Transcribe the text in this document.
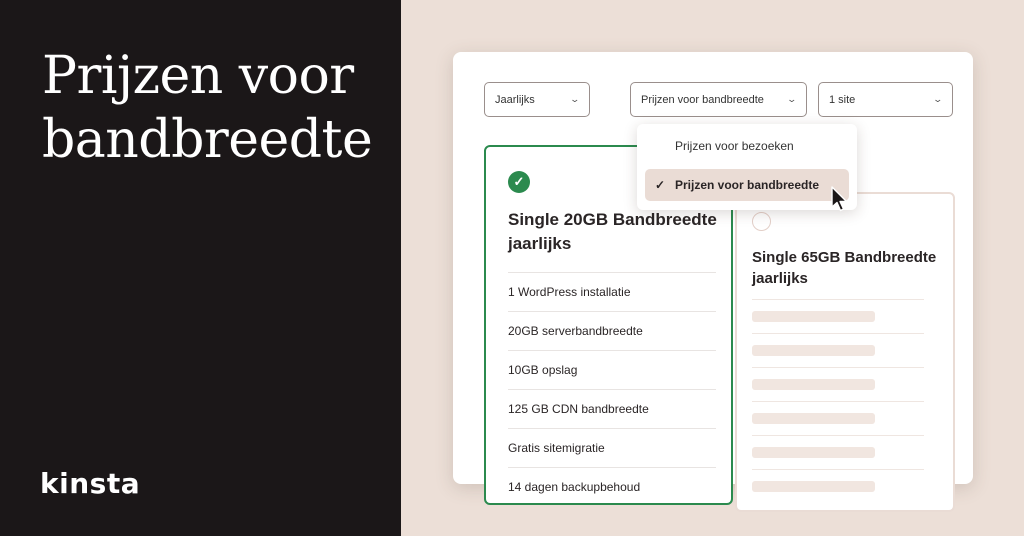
Prijzen voor
bandbreedte
kinsta
Jaarlijks	⌄	Prijzen voor bandbreedte	⌄	1 site	⌄
Single 65GB Bandbreedte jaarlijks
✓
Single 20GB Bandbreedte jaarlijks
1 WordPress installatie
20GB serverbandbreedte
10GB opslag
125 GB CDN bandbreedte
Gratis sitemigratie
14 dagen backupbehoud
Prijzen voor bezoeken
✓ Prijzen voor bandbreedte
